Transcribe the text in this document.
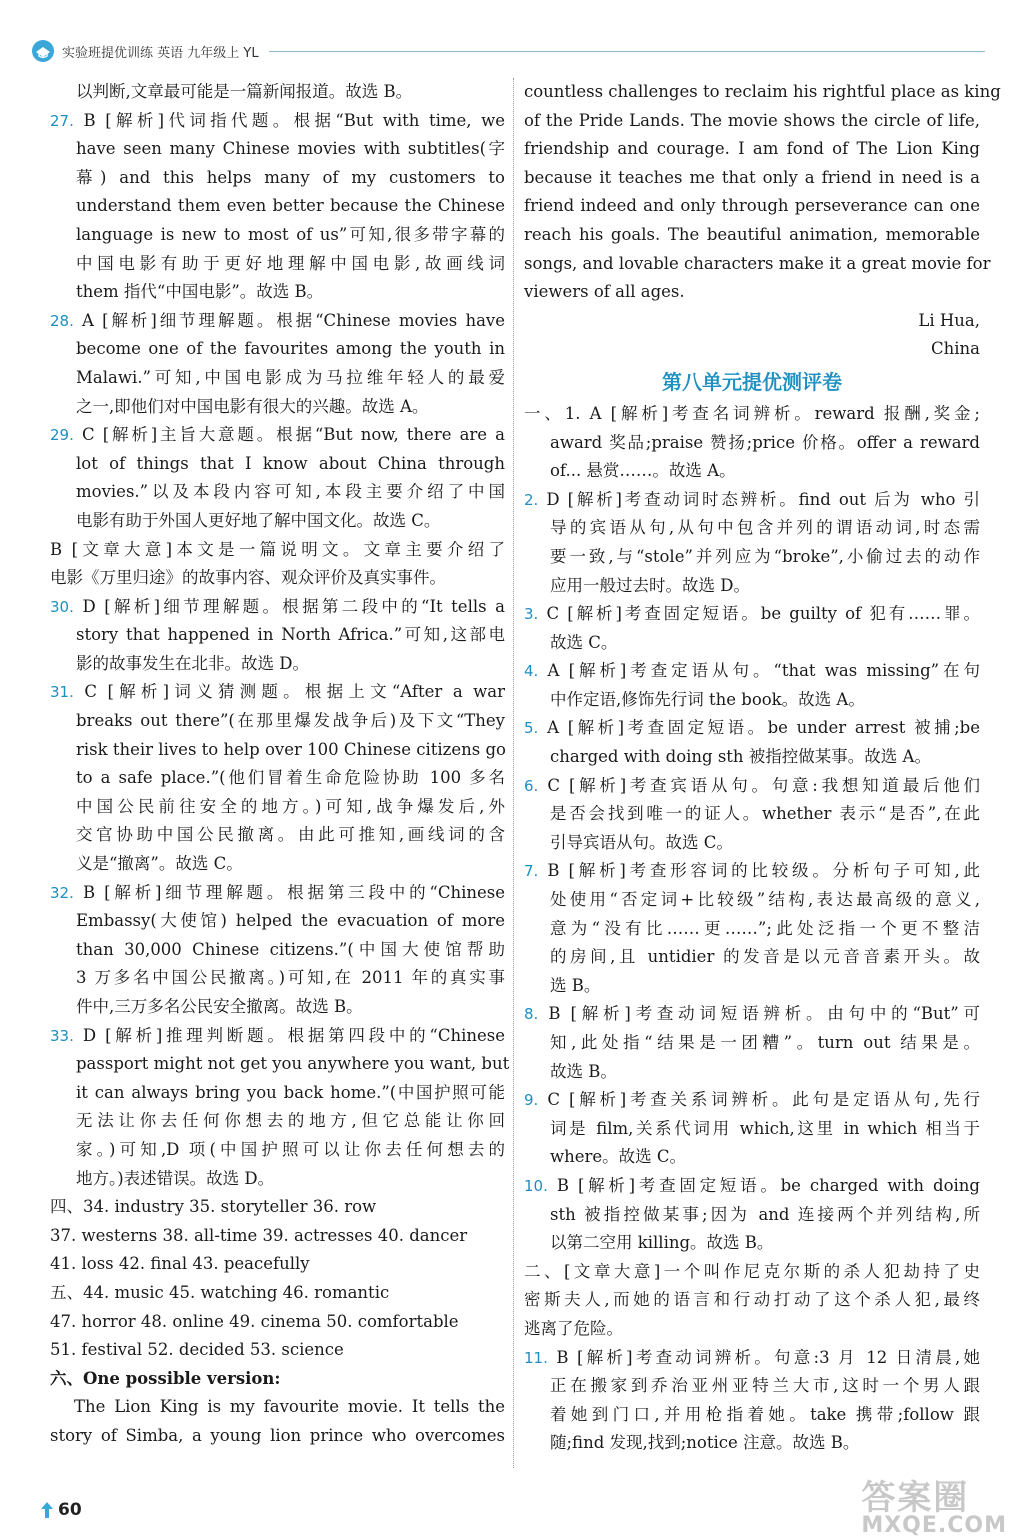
实验班提优训练 英语 九年级上 YL
以判断,文章最可能是一篇新闻报道。故选 B。
27. B [解析]代词指代题。根据“But with time, we
have seen many Chinese movies with subtitles(字
幕) and this helps many of my customers to
understand them even better because the Chinese
language is new to most of us”可知,很多带字幕的
中国电影有助于更好地理解中国电影,故画线词
them 指代“中国电影”。故选 B。
28. A [解析]细节理解题。根据“Chinese movies have
become one of the favourites among the youth in
Malawi.”可知,中国电影成为马拉维年轻人的最爱
之一,即他们对中国电影有很大的兴趣。故选 A。
29. C [解析]主旨大意题。根据“But now, there are a
lot of things that I know about China through
movies.”以及本段内容可知,本段主要介绍了中国
电影有助于外国人更好地了解中国文化。故选 C。
B [文章大意]本文是一篇说明文。文章主要介绍了
电影《万里归途》的故事内容、观众评价及真实事件。
30. D [解析]细节理解题。根据第二段中的“It tells a
story that happened in North Africa.”可知,这部电
影的故事发生在北非。故选 D。
31. C [解析]词义猜测题。根据上文“After a war
breaks out there”(在那里爆发战争后)及下文“They
risk their lives to help over 100 Chinese citizens go
to a safe place.”(他们冒着生命危险协助 100 多名
中国公民前往安全的地方。)可知,战争爆发后,外
交官协助中国公民撤离。由此可推知,画线词的含
义是“撤离”。故选 C。
32. B [解析]细节理解题。根据第三段中的“Chinese
Embassy(大使馆) helped the evacuation of more
than 30,000 Chinese citizens.”(中国大使馆帮助
3 万多名中国公民撤离。)可知,在 2011 年的真实事
件中,三万多名公民安全撤离。故选 B。
33. D [解析]推理判断题。根据第四段中的“Chinese
passport might not get you anywhere you want, but
it can always bring you back home.”(中国护照可能
无法让你去任何你想去的地方,但它总能让你回
家。)可知,D 项(中国护照可以让你去任何想去的
地方。)表述错误。故选 D。
四、34. industry 35. storyteller 36. row
37. westerns 38. all-time 39. actresses 40. dancer
41. loss 42. final 43. peacefully
五、44. music 45. watching 46. romantic
47. horror 48. online 49. cinema 50. comfortable
51. festival 52. decided 53. science
六、One possible version:
The Lion King is my favourite movie. It tells the
story of Simba, a young lion prince who overcomes
countless challenges to reclaim his rightful place as king
of the Pride Lands. The movie shows the circle of life,
friendship and courage. I am fond of The Lion King
because it teaches me that only a friend in need is a
friend indeed and only through perseverance can one
reach his goals. The beautiful animation, memorable
songs, and lovable characters make it a great movie for
viewers of all ages.
Li Hua,
China
第八单元提优测评卷
一、1. A [解析]考查名词辨析。reward 报酬,奖金;
award 奖品;praise 赞扬;price 价格。offer a reward
of... 悬赏……。故选 A。
2. D [解析]考查动词时态辨析。find out 后为 who 引
导的宾语从句,从句中包含并列的谓语动词,时态需
要一致,与“stole”并列应为“broke”,小偷过去的动作
应用一般过去时。故选 D。
3. C [解析]考查固定短语。be guilty of 犯有……罪。
故选 C。
4. A [解析]考查定语从句。“that was missing”在句
中作定语,修饰先行词 the book。故选 A。
5. A [解析]考查固定短语。be under arrest 被捕;be
charged with doing sth 被指控做某事。故选 A。
6. C [解析]考查宾语从句。句意:我想知道最后他们
是否会找到唯一的证人。whether 表示“是否”,在此
引导宾语从句。故选 C。
7. B [解析]考查形容词的比较级。分析句子可知,此
处使用“否定词+比较级”结构,表达最高级的意义,
意为“没有比……更……”;此处泛指一个更不整洁
的房间,且 untidier 的发音是以元音音素开头。故
选 B。
8. B [解析]考查动词短语辨析。由句中的“But”可
知,此处指“结果是一团糟”。turn out 结果是。
故选 B。
9. C [解析]考查关系词辨析。此句是定语从句,先行
词是 film,关系代词用 which,这里 in which 相当于
where。故选 C。
10. B [解析]考查固定短语。be charged with doing
sth 被指控做某事;因为 and 连接两个并列结构,所
以第二空用 killing。故选 B。
二、[文章大意]一个叫作尼克尔斯的杀人犯劫持了史
密斯夫人,而她的语言和行动打动了这个杀人犯,最终
逃离了危险。
11. B [解析]考查动词辨析。句意:3 月 12 日清晨,她
正在搬家到乔治亚州亚特兰大市,这时一个男人跟
着她到门口,并用枪指着她。take 携带;follow 跟
随;find 发现,找到;notice 注意。故选 B。
60	答案圈
MXQE.COM
